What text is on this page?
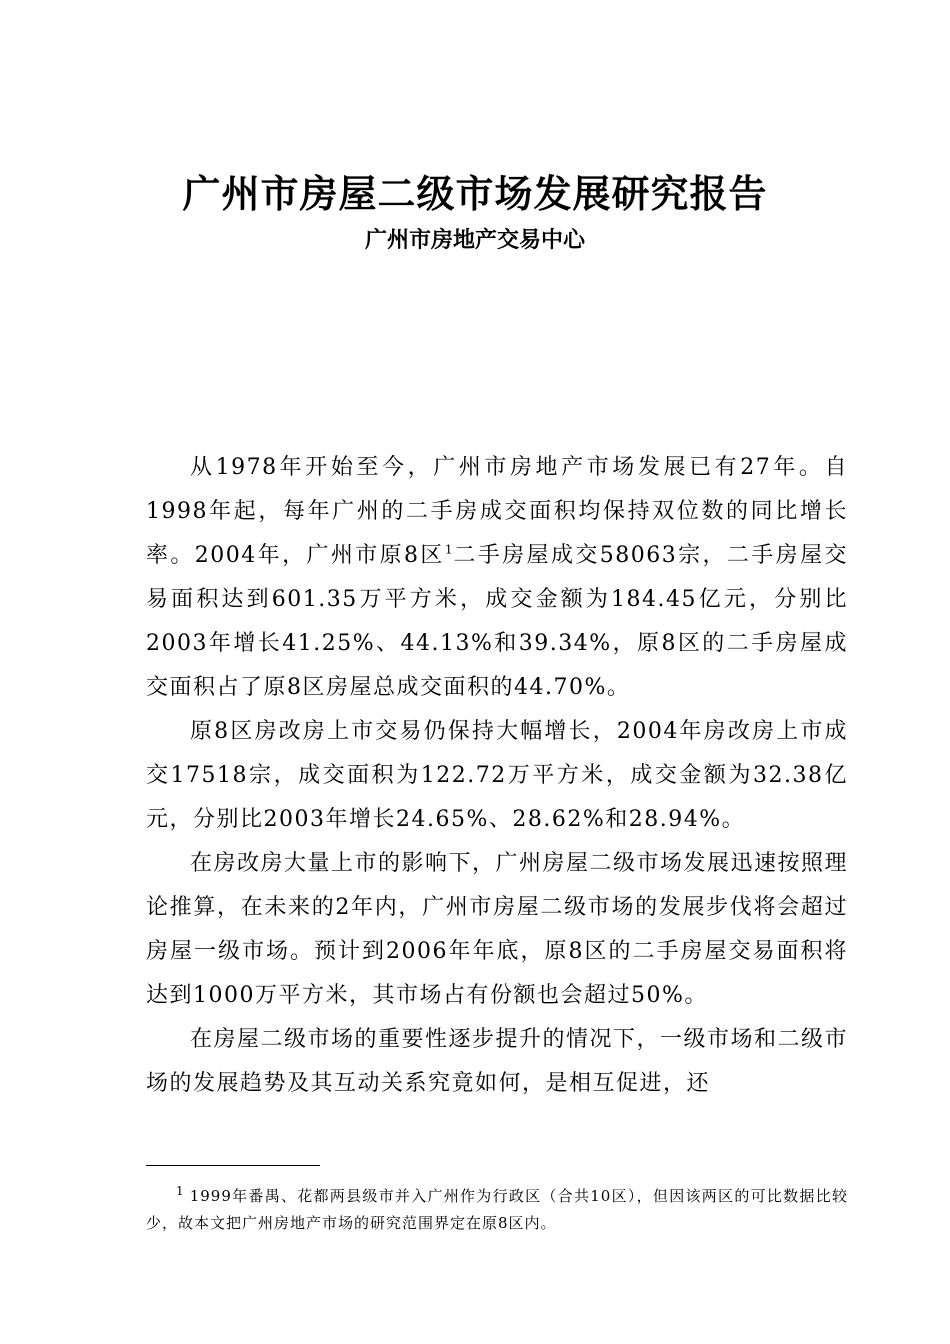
广州市房屋二级市场发展研究报告
广州市房地产交易中心

从1978年开始至今，广州市房地产市场发展已有27年。自1998年起，每年广州的二手房成交面积均保持双位数的同比增长率。2004年，广州市原8区$^1$二手房屋成交58063宗，二手房屋交易面积达到601.35万平方米，成交金额为184.45亿元，分别比2003年增长41.25%、44.13%和39.34%，原8区的二手房屋成交面积占了原8区房屋总成交面积的44.70%。

原8区房改房上市交易仍保持大幅增长，2004年房改房上市成交17518宗，成交面积为122.72万平方米，成交金额为32.38亿元，分别比2003年增长24.65%、28.62%和28.94%。

在房改房大量上市的影响下，广州房屋二级市场发展迅速按照理论推算，在未来的2年内，广州市房屋二级市场的发展步伐将会超过房屋一级市场。预计到2006年年底，原8区的二手房屋交易面积将达到1000万平方米，其市场占有份额也会超过50%。

在房屋二级市场的重要性逐步提升的情况下，一级市场和二级市场的发展趋势及其互动关系究竟如何，是相互促进，还

$^1$ 1999年番禺、花都两县级市并入广州作为行政区（合共10区），但因该两区的可比数据比较少，故本文把广州房地产市场的研究范围界定在原8区内。
